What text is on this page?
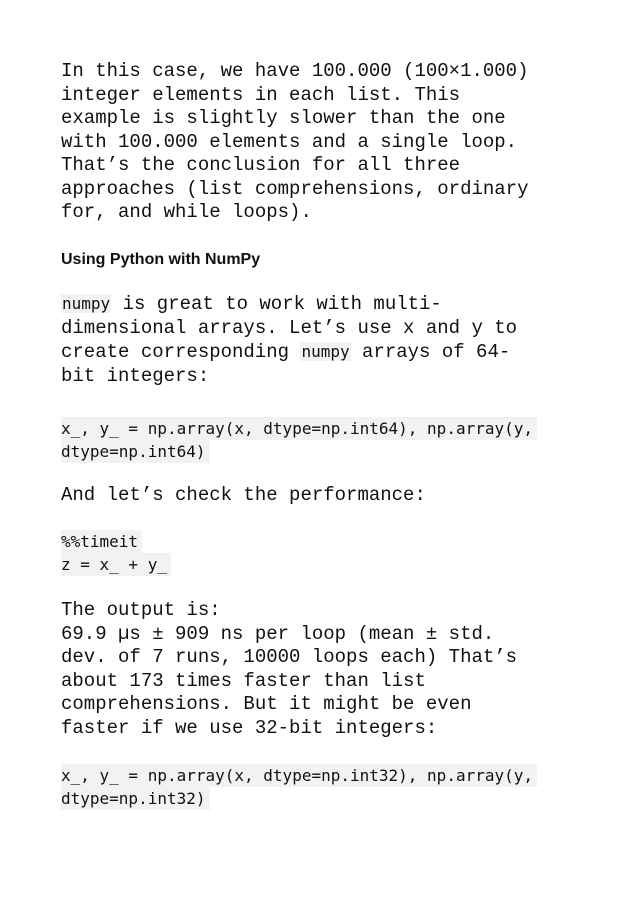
In this case, we have 100.000 (100×1.000)
integer elements in each list. This
example is slightly slower than the one
with 100.000 elements and a single loop.
That’s the conclusion for all three
approaches (list comprehensions, ordinary
for, and while loops).

Using Python with NumPy

numpy is great to work with multi-
dimensional arrays. Let’s use x and y to
create corresponding numpy arrays of 64-
bit integers:

x_, y_ = np.array(x, dtype=np.int64), np.array(y,
dtype=np.int64)

And let’s check the performance:

%%timeit
z = x_ + y_

The output is:
69.9 µs ± 909 ns per loop (mean ± std.
dev. of 7 runs, 10000 loops each) That’s
about 173 times faster than list
comprehensions. But it might be even
faster if we use 32-bit integers:

x_, y_ = np.array(x, dtype=np.int32), np.array(y,
dtype=np.int32)
